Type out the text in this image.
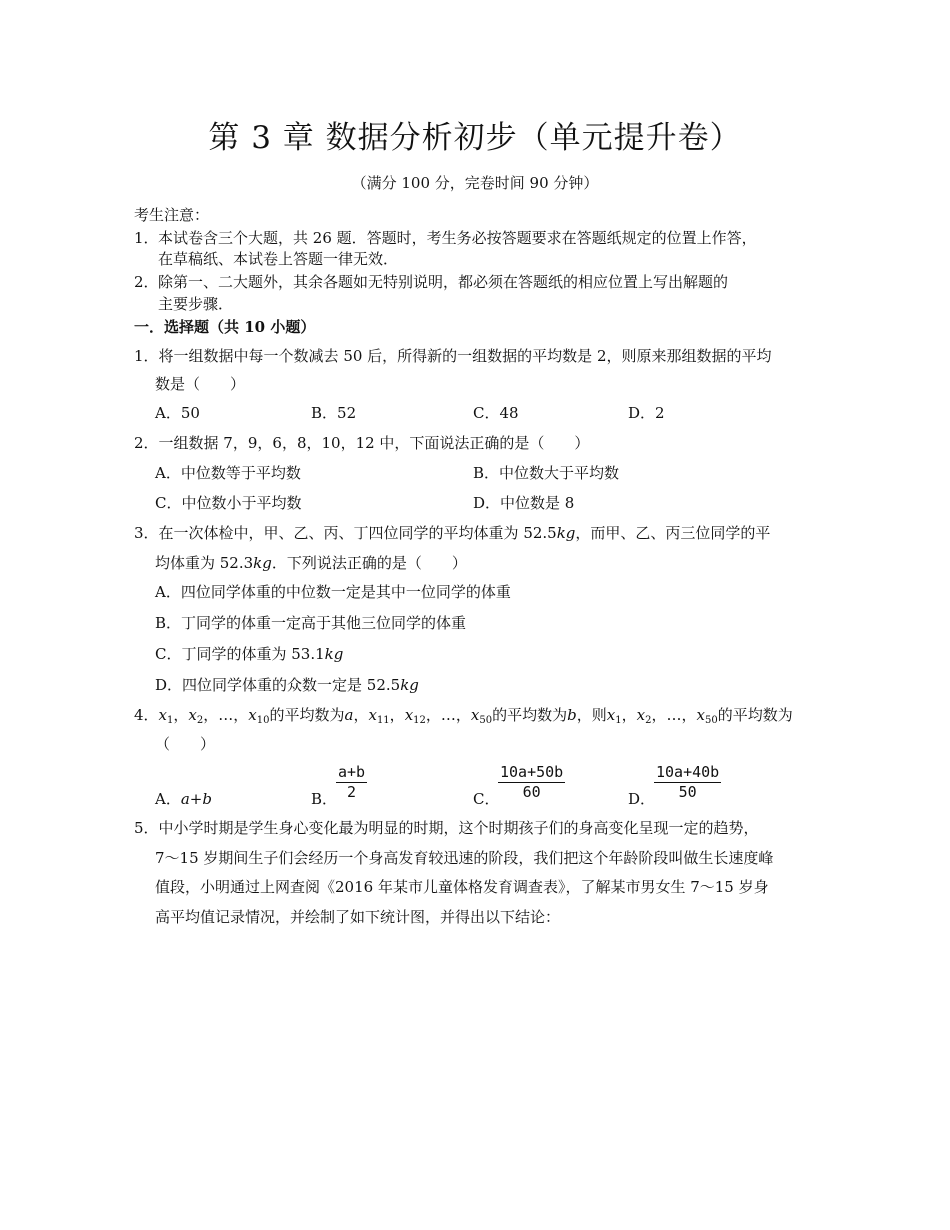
第 3 章 数据分析初步（单元提升卷）
（满分 100 分，完卷时间 90 分钟）
考生注意：
1． 本试卷含三个大题，共 26 题．答题时，考生务必按答题要求在答题纸规定的位置上作答，
在草稿纸、本试卷上答题一律无效．
2． 除第一、二大题外，其余各题如无特别说明，都必须在答题纸的相应位置上写出解题的
主要步骤．
一．选择题（共 10 小题）
1．将一组数据中每一个数减去 50 后，所得新的一组数据的平均数是 2，则原来那组数据的平均
数是（　　）
A．50	B．52	C．48	D．2
2．一组数据 7，9，6，8，10，12 中，下面说法正确的是（　　）
A．中位数等于平均数	B．中位数大于平均数
C．中位数小于平均数	D．中位数是 8
3．在一次体检中，甲、乙、丙、丁四位同学的平均体重为 52.5kg，而甲、乙、丙三位同学的平
均体重为 52.3kg．下列说法正确的是（　　）
A．四位同学体重的中位数一定是其中一位同学的体重
B．丁同学的体重一定高于其他三位同学的体重
C．丁同学的体重为 53.1kg
D．四位同学体重的众数一定是 52.5kg
4．$x_1$，$x_2$，…，$x_{10}$的平均数为a，$x_{11}$，$x_{12}$，…，$x_{50}$的平均数为b，则$x_1$，$x_2$，…，$x_{50}$的平均数为
（　　）
A．a+b	B．
a+b
2	C．
10a+50b
60	D．
10a+40b
50
5．中小学时期是学生身心变化最为明显的时期，这个时期孩子们的身高变化呈现一定的趋势，
7～15 岁期间生子们会经历一个身高发育较迅速的阶段，我们把这个年龄阶段叫做生长速度峰
值段，小明通过上网查阅《2016 年某市儿童体格发育调查表》，了解某市男女生 7～15 岁身
高平均值记录情况，并绘制了如下统计图，并得出以下结论：
